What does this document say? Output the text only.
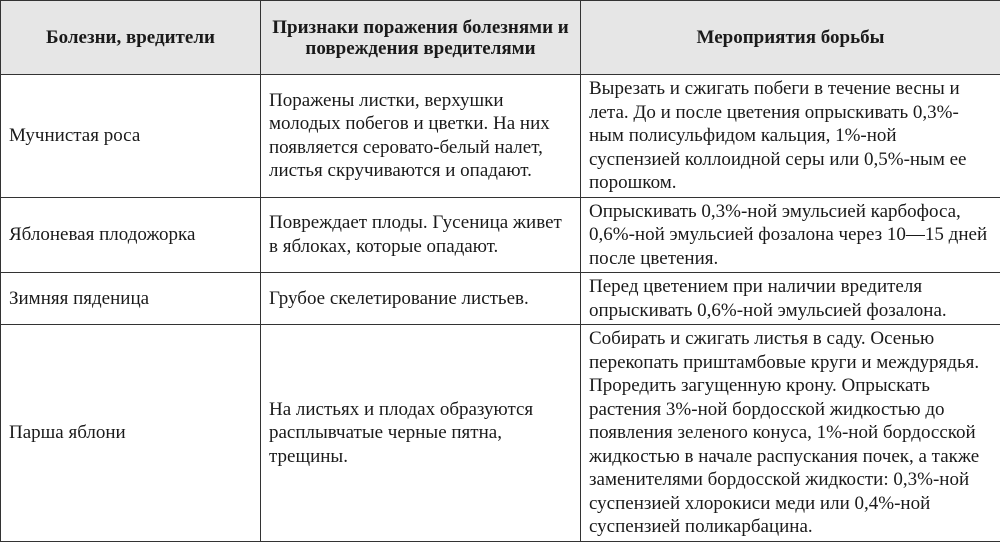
Болезни, вредители	Признаки поражения болезнями и повреждения вредителями	Мероприятия борьбы
Мучнистая роса	Поражены листки, верхушки молодых побегов и цветки. На них появляется серовато-белый налет, листья скручиваются и опадают.	Вырезать и сжигать побеги в течение весны и лета. До и после цветения опрыскивать 0,3%-ным полисульфидом кальция, 1%-ной суспензией коллоидной серы или 0,5%-ным ее порошком.
Яблоневая плодожорка	Повреждает плоды. Гусеница живет в яблоках, которые опадают.	Опрыскивать 0,3%-ной эмульсией карбофоса, 0,6%-ной эмульсией фозалона через 10—15 дней после цветения.
Зимняя пяденица	Грубое скелетирование листьев.	Перед цветением при наличии вредителя опрыскивать 0,6%-ной эмульсией фозалона.
Парша яблони	На листьях и плодах образуются расплывчатые черные пятна, трещины.	Собирать и сжигать листья в саду. Осенью перекопать приштамбовые круги и междурядья. Проредить загущенную крону. Опрыскать растения 3%-ной бордосской жидкостью до появления зеленого конуса, 1%-ной бордосской жидкостью в начале распускания почек, а также заменителями бордосской жидкости: 0,3%-ной суспензией хлорокиси меди или 0,4%-ной суспензией поликарбацина.
